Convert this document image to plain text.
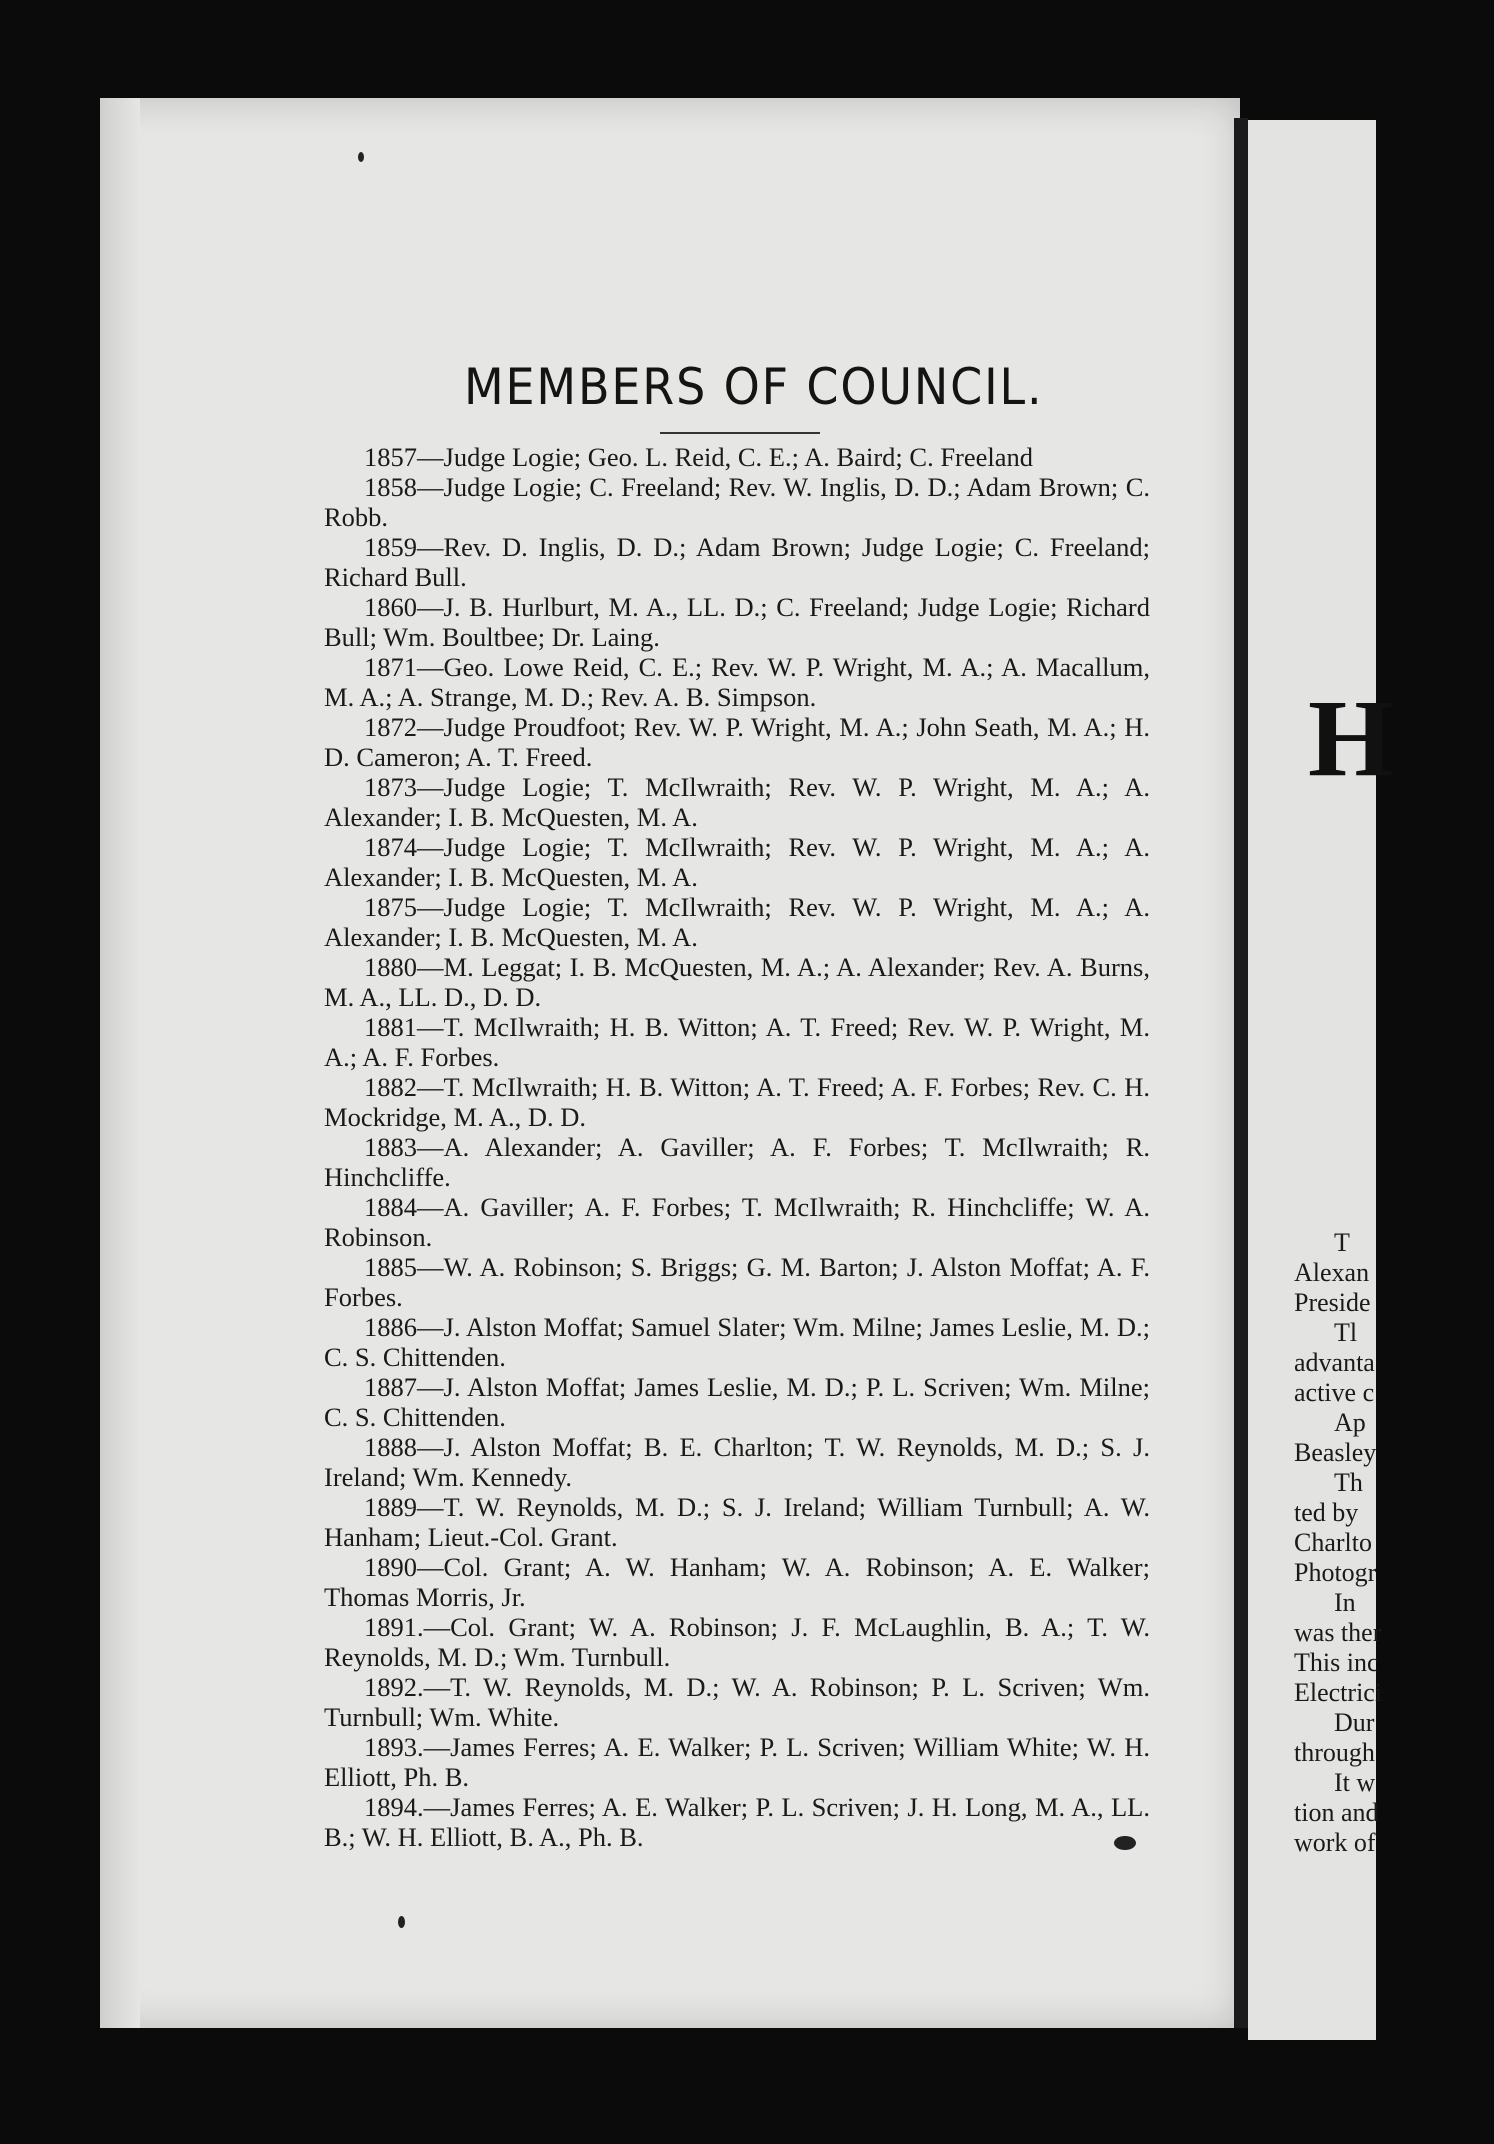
MEMBERS OF COUNCIL.

1857—Judge Logie; Geo. L. Reid, C. E.; A. Baird; C. Freeland

1858—Judge Logie; C. Freeland; Rev. W. Inglis, D. D.; Adam Brown; C. Robb.

1859—Rev. D. Inglis, D. D.; Adam Brown; Judge Logie; C. Freeland; Richard Bull.

1860—J. B. Hurlburt, M. A., LL. D.; C. Freeland; Judge Logie; Richard Bull; Wm. Boultbee; Dr. Laing.

1871—Geo. Lowe Reid, C. E.; Rev. W. P. Wright, M. A.; A. Macallum, M. A.; A. Strange, M. D.; Rev. A. B. Simpson.

1872—Judge Proudfoot; Rev. W. P. Wright, M. A.; John Seath, M. A.; H. D. Cameron; A. T. Freed.

1873—Judge Logie; T. McIlwraith; Rev. W. P. Wright, M. A.; A. Alexander; I. B. McQuesten, M. A.

1874—Judge Logie; T. McIlwraith; Rev. W. P. Wright, M. A.; A. Alexander; I. B. McQuesten, M. A.

1875—Judge Logie; T. McIlwraith; Rev. W. P. Wright, M. A.; A. Alexander; I. B. McQuesten, M. A.

1880—M. Leggat; I. B. McQuesten, M. A.; A. Alexander; Rev. A. Burns, M. A., LL. D., D. D.

1881—T. McIlwraith; H. B. Witton; A. T. Freed; Rev. W. P. Wright, M. A.; A. F. Forbes.

1882—T. McIlwraith; H. B. Witton; A. T. Freed; A. F. Forbes; Rev. C. H. Mockridge, M. A., D. D.

1883—A. Alexander; A. Gaviller; A. F. Forbes; T. McIlwraith; R. Hinchcliffe.

1884—A. Gaviller; A. F. Forbes; T. McIlwraith; R. Hinchcliffe; W. A. Robinson.

1885—W. A. Robinson; S. Briggs; G. M. Barton; J. Alston Moffat; A. F. Forbes.

1886—J. Alston Moffat; Samuel Slater; Wm. Milne; James Leslie, M. D.; C. S. Chittenden.

1887—J. Alston Moffat; James Leslie, M. D.; P. L. Scriven; Wm. Milne; C. S. Chittenden.

1888—J. Alston Moffat; B. E. Charlton; T. W. Reynolds, M. D.; S. J. Ireland; Wm. Kennedy.

1889—T. W. Reynolds, M. D.; S. J. Ireland; William Turnbull; A. W. Hanham; Lieut.-Col. Grant.

1890—Col. Grant; A. W. Hanham; W. A. Robinson; A. E. Walker; Thomas Morris, Jr.

1891.—Col. Grant; W. A. Robinson; J. F. McLaughlin, B. A.; T. W. Reynolds, M. D.; Wm. Turnbull.

1892.—T. W. Reynolds, M. D.; W. A. Robinson; P. L. Scriven; Wm. Turnbull; Wm. White.

1893.—James Ferres; A. E. Walker; P. L. Scriven; William White; W. H. Elliott, Ph. B.

1894.—James Ferres; A. E. Walker; P. L. Scriven; J. H. Long, M. A., LL. B.; W. H. Elliott, B. A., Ph. B.

H
T
Alexan
Preside
Tl
advanta
active c
Ap
Beasley
Th
ted by
Charlto
Photogr
In
was ther
This inc
Electrici
Dur
through
It w
tion and
work of
